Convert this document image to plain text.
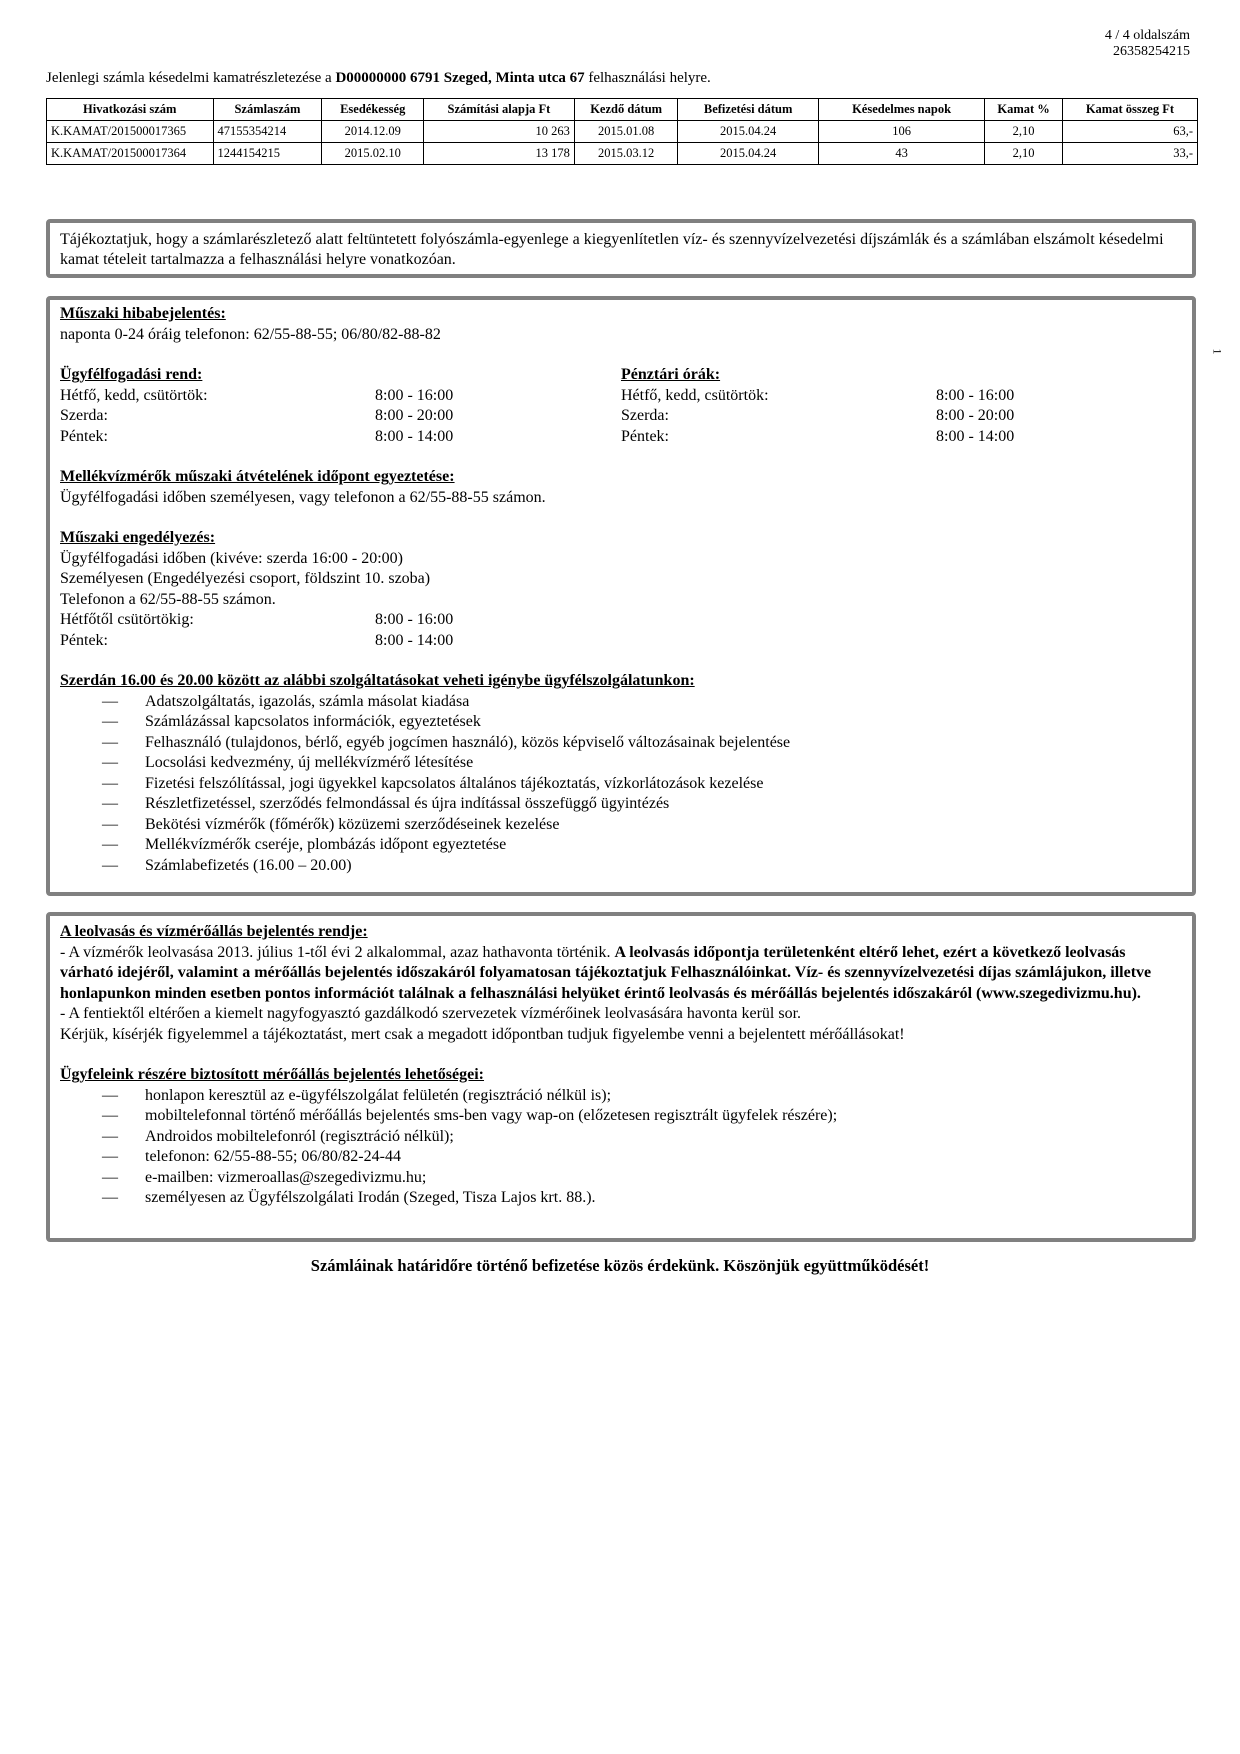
4 / 4 oldalszám
26358254215
Jelenlegi számla késedelmi kamatrészletezése a D00000000 6791 Szeged, Minta utca 67 felhasználási helyre.
Hivatkozási szám	Számlaszám	Esedékesség	Számítási alapja Ft	Kezdő dátum	Befizetési dátum	Késedelmes napok	Kamat %	Kamat összeg Ft
K.KAMAT/201500017365	47155354214	2014.12.09	10 263	2015.01.08	2015.04.24	106	2,10	63,-
K.KAMAT/201500017364	1244154215	2015.02.10	13 178	2015.03.12	2015.04.24	43	2,10	33,-
Tájékoztatjuk, hogy a számlarészletező alatt feltüntetett folyószámla-egyenlege a kiegyenlítetlen víz- és szennyvízelvezetési díjszámlák és a számlában elszámolt késedelmi kamat tételeit tartalmazza a felhasználási helyre vonatkozóan.
Műszaki hibabejelentés:
naponta 0-24 óráig telefonon: 62/55-88-55; 06/80/82-88-82
Ügyfélfogadási rend:
Hétfő, kedd, csütörtök:	8:00 - 16:00
Szerda:	8:00 - 20:00
Péntek:	8:00 - 14:00
Pénztári órák:
Hétfő, kedd, csütörtök:	8:00 - 16:00
Szerda:	8:00 - 20:00
Péntek:	8:00 - 14:00
Mellékvízmérők műszaki átvételének időpont egyeztetése:
Ügyfélfogadási időben személyesen, vagy telefonon a 62/55-88-55 számon.
Műszaki engedélyezés:
Ügyfélfogadási időben (kivéve: szerda 16:00 - 20:00)
Személyesen (Engedélyezési csoport, földszint 10. szoba)
Telefonon a 62/55-88-55 számon.
Hétfőtől csütörtökig:	8:00 - 16:00
Péntek:	8:00 - 14:00
Szerdán 16.00 és 20.00 között az alábbi szolgáltatásokat veheti igénybe ügyfélszolgálatunkon:
—	Adatszolgáltatás, igazolás, számla másolat kiadása
—	Számlázással kapcsolatos információk, egyeztetések
—	Felhasználó (tulajdonos, bérlő, egyéb jogcímen használó), közös képviselő változásainak bejelentése
—	Locsolási kedvezmény, új mellékvízmérő létesítése
—	Fizetési felszólítással, jogi ügyekkel kapcsolatos általános tájékoztatás, vízkorlátozások kezelése
—	Részletfizetéssel, szerződés felmondással és újra indítással összefüggő ügyintézés
—	Bekötési vízmérők (főmérők) közüzemi szerződéseinek kezelése
—	Mellékvízmérők cseréje, plombázás időpont egyeztetése
—	Számlabefizetés (16.00 – 20.00)
A leolvasás és vízmérőállás bejelentés rendje:
- A vízmérők leolvasása 2013. július 1-től évi 2 alkalommal, azaz hathavonta történik. A leolvasás időpontja területenként eltérő lehet, ezért a következő leolvasás várható idejéről, valamint a mérőállás bejelentés időszakáról folyamatosan tájékoztatjuk Felhasználóinkat. Víz- és szennyvízelvezetési díjas számlájukon, illetve honlapunkon minden esetben pontos információt találnak a felhasználási helyüket érintő leolvasás és mérőállás bejelentés időszakáról (www.szegedivizmu.hu).
- A fentiektől eltérően a kiemelt nagyfogyasztó gazdálkodó szervezetek vízmérőinek leolvasására havonta kerül sor.
Kérjük, kísérjék figyelemmel a tájékoztatást, mert csak a megadott időpontban tudjuk figyelembe venni a bejelentett mérőállásokat!
Ügyfeleink részére biztosított mérőállás bejelentés lehetőségei:
—	honlapon keresztül az e-ügyfélszolgálat felületén (regisztráció nélkül is);
—	mobiltelefonnal történő mérőállás bejelentés sms-ben vagy wap-on (előzetesen regisztrált ügyfelek részére);
—	Androidos mobiltelefonról (regisztráció nélkül);
—	telefonon: 62/55-88-55; 06/80/82-24-44
—	e-mailben: vizmeroallas@szegedivizmu.hu;
—	személyesen az Ügyfélszolgálati Irodán (Szeged, Tisza Lajos krt. 88.).
Számláinak határidőre történő befizetése közös érdekünk. Köszönjük együttműködését!
1
